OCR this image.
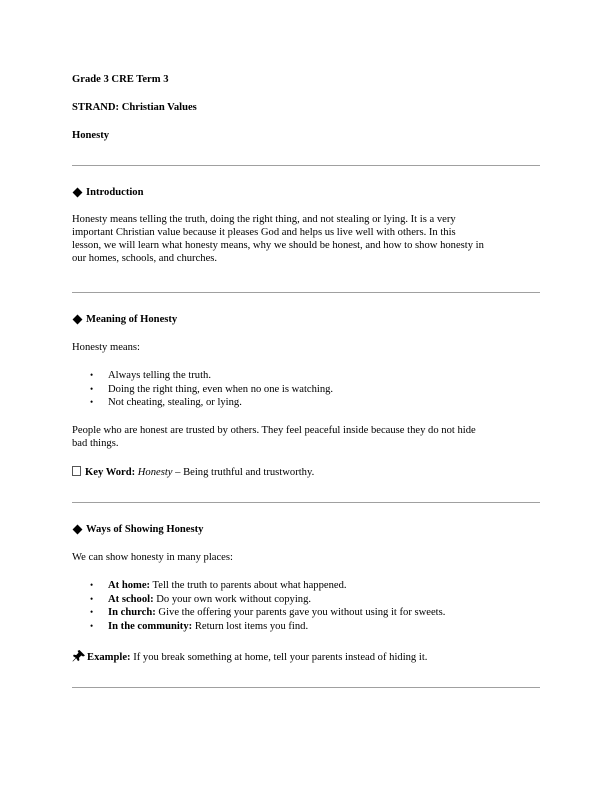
Grade 3 CRE Term 3
STRAND: Christian Values
Honesty
Introduction
Honesty means telling the truth, doing the right thing, and not stealing or lying. It is a very
important Christian value because it pleases God and helps us live well with others. In this
lesson, we will learn what honesty means, why we should be honest, and how to show honesty in
our homes, schools, and churches.
Meaning of Honesty
Honesty means:
• Always telling the truth.
• Doing the right thing, even when no one is watching.
• Not cheating, stealing, or lying.
People who are honest are trusted by others. They feel peaceful inside because they do not hide
bad things.
Key Word: Honesty – Being truthful and trustworthy.
Ways of Showing Honesty
We can show honesty in many places:
• At home: Tell the truth to parents about what happened.
• At school: Do your own work without copying.
• In church: Give the offering your parents gave you without using it for sweets.
• In the community: Return lost items you find.
Example: If you break something at home, tell your parents instead of hiding it.
